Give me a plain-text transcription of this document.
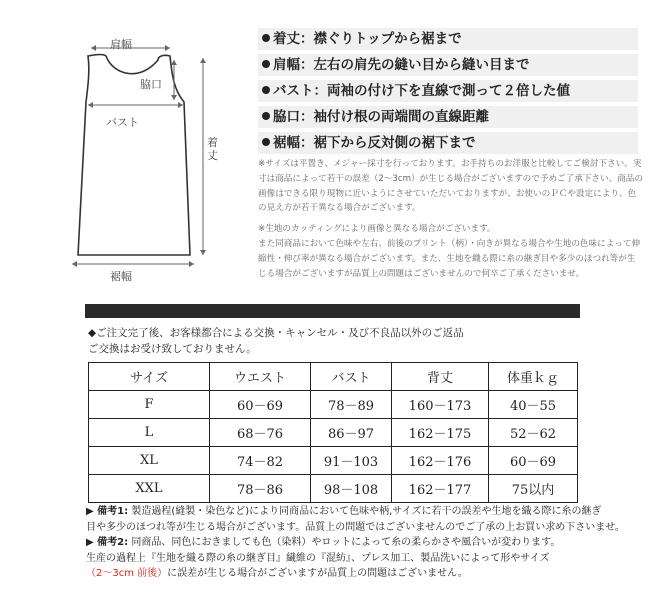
肩幅
脇口
バスト
着丈
裾幅
着丈：襟ぐりトップから裾まで
肩幅：左右の肩先の縫い目から縫い目まで
バスト：両袖の付け下を直線で測って２倍した値
脇口：袖付け根の両端間の直線距離
裾幅：裾下から反対側の裾下まで

※サイズは平置き、メジャー採寸を行っております。お手持ちのお洋服と比較してご検討下さい。実寸は商品によって若干の誤差（2～3cm）が生じる場合がございますので予めご了承下さい。商品の画像はできる限り現物に近いようにさせていただいておりますが、お使いのＰＣや設定により、色の見え方が若干異なる場合がございます。

※生地のカッティングにより画像と異なる場合がございます。

また同商品において色味や左右、前後のプリント（柄）・向きが異なる場合や生地の色味によって伸縮性・伸び率が異なる場合がございます。また、生地を織る際に糸の継ぎ目や多少のほつれ等が生じる場合がございますが品質上の問題はございませんので何卒ご了承くださいませ。

◆ご注文完了後、お客様都合による交換・キャンセル・及び不良品以外のご返品
ご交換はお受け致しておりません。
サイズ	ウエスト	バスト	背丈	体重ｋｇ
F	60－69	78－89	160－173	40－55
L	68－76	86－97	162－175	52－62
XL	74－82	91－103	162－176	60－69
XXL	78－86	98－108	162－177	75以内

▶ 備考1: 製造過程(縫製・染色など)により同商品において色味や柄,サイズに若干の誤差や生地を織る際に糸の継ぎ

目や多少のほつれ等が生じる場合がございます。品質上の問題ではございませんのでご了承の上お買い求め下さいませ。

▶ 備考2: 同商品、同色におきましても色（染料）やロットによって糸の柔らかさや風合いが変わります。

生産の過程上『生地を織る際の糸の継ぎ目』繊維の『混紡』、プレス加工、製品洗いによって形やサイズ

（2～3cm 前後）に誤差が生じる場合がございますが品質上の問題はございません。
